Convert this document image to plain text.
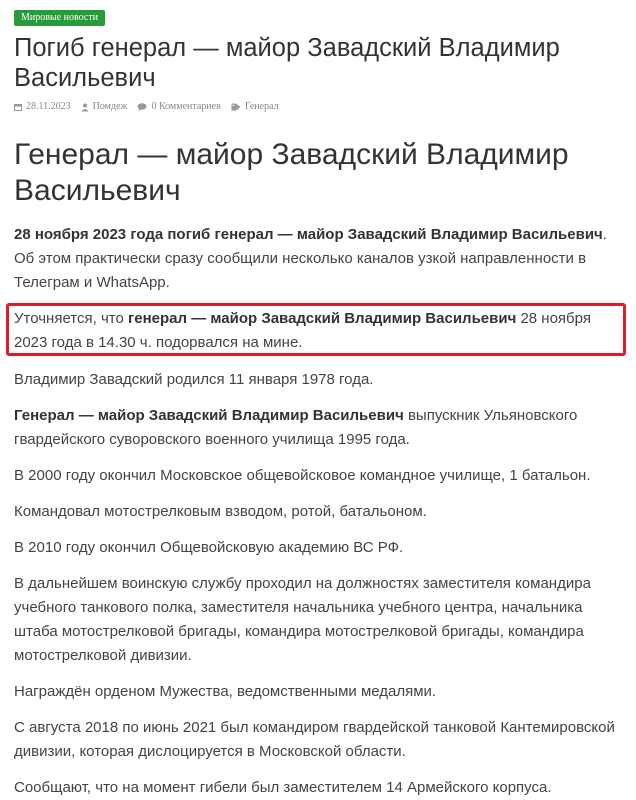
Мировые новости
Погиб генерал — майор Завадский Владимир Васильевич
28.11.2023 Помдеж 0 Комментариев Генерал
Генерал — майор Завадский Владимир Васильевич

28 ноября 2023 года погиб генерал — майор Завадский Владимир Васильевич. Об этом практически сразу сообщили несколько каналов узкой направленности в Телеграм и WhatsApp.

Уточняется, что генерал — майор Завадский Владимир Васильевич 28 ноября 2023 года в 14.30 ч. подорвался на мине.

Владимир Завадский родился 11 января 1978 года.

Генерал — майор Завадский Владимир Васильевич выпускник Ульяновского гвардейского суворовского военного училища 1995 года.

В 2000 году окончил Московское общевойсковое командное училище, 1 батальон.

Командовал мотострелковым взводом, ротой, батальоном.

В 2010 году окончил Общевойсковую академию ВС РФ.

В дальнейшем воинскую службу проходил на должностях заместителя командира учебного танкового полка, заместителя начальника учебного центра, начальника штаба мотострелковой бригады, командира мотострелковой бригады, командира мотострелковой дивизии.

Награждён орденом Мужества, ведомственными медалями.

С августа 2018 по июнь 2021 был командиром гвардейской танковой Кантемировской дивизии, которая дислоцируется в Московской области.

Сообщают, что на момент гибели был заместителем 14 Армейского корпуса.
